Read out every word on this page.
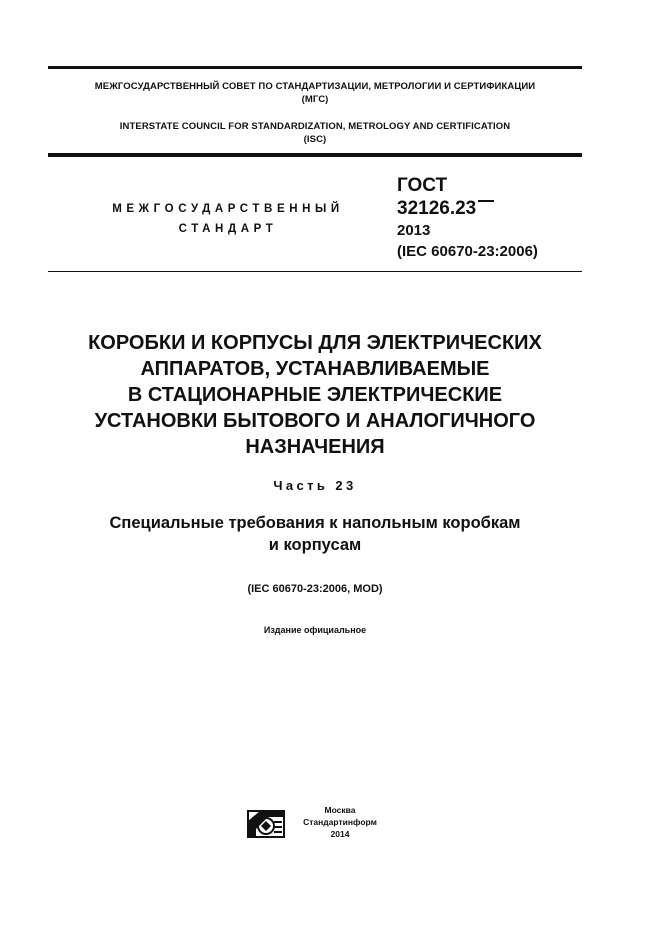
МЕЖГОСУДАРСТВЕННЫЙ СОВЕТ ПО СТАНДАРТИЗАЦИИ, МЕТРОЛОГИИ И СЕРТИФИКАЦИИ
(МГС)
INTERSTATE COUNCIL FOR STANDARDIZATION, METROLOGY AND CERTIFICATION
(ISC)
МЕЖГОСУДАРСТВЕННЫЙ
СТАНДАРТ
ГОСТ
32126.23
2013
(IEC 60670-23:2006)
КОРОБКИ И КОРПУСЫ ДЛЯ ЭЛЕКТРИЧЕСКИХ
АППАРАТОВ, УСТАНАВЛИВАЕМЫЕ
В СТАЦИОНАРНЫЕ ЭЛЕКТРИЧЕСКИЕ
УСТАНОВКИ БЫТОВОГО И АНАЛОГИЧНОГО
НАЗНАЧЕНИЯ
Часть 23
Специальные требования к напольным коробкам
и корпусам
(IEC 60670-23:2006, MOD)
Издание официальное
Москва
Стандартинформ
2014
